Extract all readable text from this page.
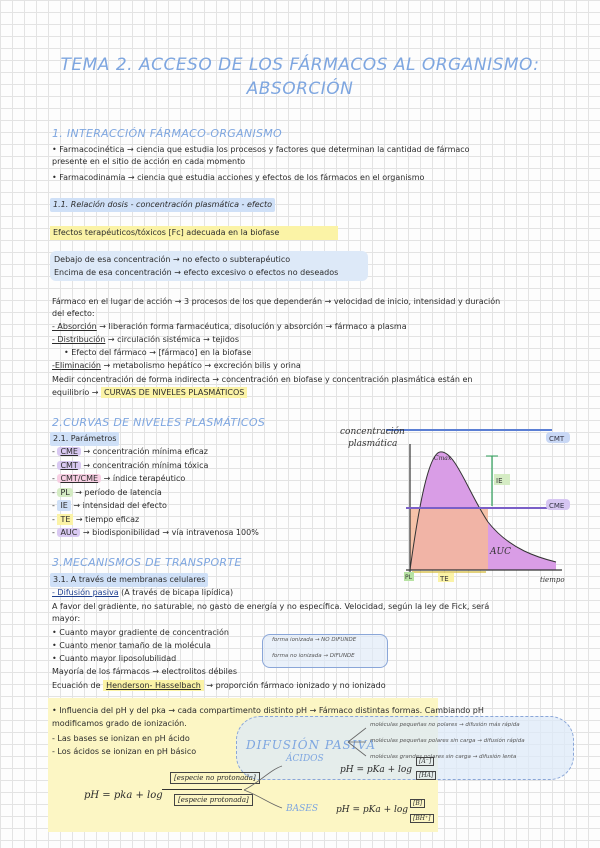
TEMA 2. ACCESO DE LOS FÁRMACOS AL ORGANISMO:
ABSORCIÓN
1. INTERACCIÓN FÁRMACO-ORGANISMO
• Farmacocinética → ciencia que estudia los procesos y factores que determinan la cantidad de fármaco
presente en el sitio de acción en cada momento
• Farmacodinamia → ciencia que estudia acciones y efectos de los fármacos en el organismo
1.1. Relación dosis - concentración plasmática - efecto
Efectos terapéuticos/tóxicos [Fc] adecuada en la biofase
Debajo de esa concentración → no efecto o subterapéutico
Encima de esa concentración → efecto excesivo o efectos no deseados
Fármaco en el lugar de acción → 3 procesos de los que dependerán → velocidad de inicio, intensidad y duración
del efecto:
- Absorción → liberación forma farmacéutica, disolución y absorción → fármaco a plasma
- Distribución → circulación sistémica → tejidos
• Efecto del fármaco → [fármaco] en la biofase
-Eliminación → metabolismo hepático → excreción bilis y orina
Medir concentración de forma indirecta → concentración en biofase y concentración plasmática están en
equilibrio → CURVAS DE NIVELES PLASMÁTICOS
2.CURVAS DE NIVELES PLASMÁTICOS
2.1. Parámetros
- CME → concentración mínima eficaz
- CMT → concentración mínima tóxica
- CMT/CME → índice terapéutico
- PL → período de latencia
- IE → intensidad del efecto
- TE → tiempo eficaz
- AUC → biodisponibilidad → vía intravenosa 100%
concentración
plasmática	CMT
CME
Cmax
IE
TE
AUC
PL	tiempo
3.MECANISMOS DE TRANSPORTE
3.1. A través de membranas celulares
- Difusión pasiva (A través de bicapa lipídica)
A favor del gradiente, no saturable, no gasto de energía y no específica. Velocidad, según la ley de Fick, será
mayor:
• Cuanto mayor gradiente de concentración
• Cuanto menor tamaño de la molécula
• Cuanto mayor liposolubilidad
forma ionizada → NO DIFUNDE
forma no ionizada → DIFUNDE
Mayoría de los fármacos → electrolitos débiles
Ecuación de Henderson- Hasselbach → proporción fármaco ionizado y no ionizado
• Influencia del pH y del pka → cada compartimento distinto pH → Fármaco distintas formas. Cambiando pH
modificamos grado de ionización.
- Las bases se ionizan en pH ácido
- Los ácidos se ionizan en pH básico	DIFUSIÓN PASIVA
moléculas pequeñas no polares → difusión más rápida
moléculas pequeñas polares sin carga → difusión rápida
moléculas grandes polares sin carga → difusión lenta
pH = pka + log
[especie no protonada]
[especie protonada]
ÁCIDOS
pH = pKa + log
[A⁻]
[HA]
BASES pH = pKa + log
[B]
[BH⁺]
